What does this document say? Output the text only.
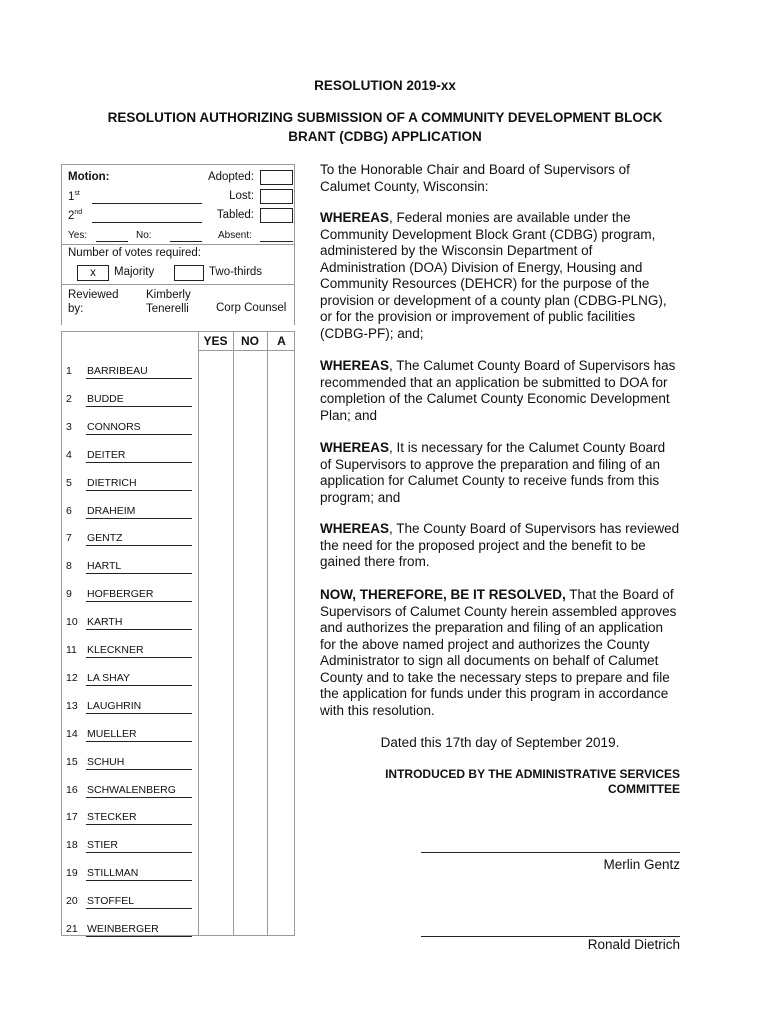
RESOLUTION 2019-xx
RESOLUTION AUTHORIZING SUBMISSION OF A COMMUNITY DEVELOPMENT BLOCK
BRANT (CDBG) APPLICATION
Motion:
1st
2nd
Adopted:
Lost:
Tabled:
Yes:	No:	Absent:
Number of votes required:
x	Majority	Two-thirds
Reviewed
by:
Kimberly
Tenerelli Corp Counsel
YES	NO	A
1	BARRIBEAU
2	BUDDE
3	CONNORS
4	DEITER
5	DIETRICH
6	DRAHEIM
7	GENTZ
8	HARTL
9	HOFBERGER
10 KARTH
11 KLECKNER
12 LA SHAY
13 LAUGHRIN
14 MUELLER
15 SCHUH
16 SCHWALENBERG
17 STECKER
18 STIER
19 STILLMAN
20 STOFFEL
21 WEINBERGER
To the Honorable Chair and Board of Supervisors of Calumet County, Wisconsin:
WHEREAS, Federal monies are available under the Community Development Block Grant (CDBG) program, administered by the Wisconsin Department of Administration (DOA) Division of Energy, Housing and Community Resources (DEHCR) for the purpose of the provision or development of a county plan (CDBG-PLNG), or for the provision or improvement of public facilities (CDBG-PF); and;
WHEREAS, The Calumet County Board of Supervisors has recommended that an application be submitted to DOA for completion of the Calumet County Economic Development Plan; and
WHEREAS, It is necessary for the Calumet County Board of Supervisors to approve the preparation and filing of an application for Calumet County to receive funds from this program; and
WHEREAS, The County Board of Supervisors has reviewed the need for the proposed project and the benefit to be gained there from.
NOW, THEREFORE, BE IT RESOLVED, That the Board of Supervisors of Calumet County herein assembled approves and authorizes the preparation and filing of an application for the above named project and authorizes the County Administrator to sign all documents on behalf of Calumet County and to take the necessary steps to prepare and file the application for funds under this program in accordance with this resolution.
Dated this 17th day of September 2019.
INTRODUCED BY THE ADMINISTRATIVE SERVICES
COMMITTEE
Merlin Gentz
Ronald Dietrich
